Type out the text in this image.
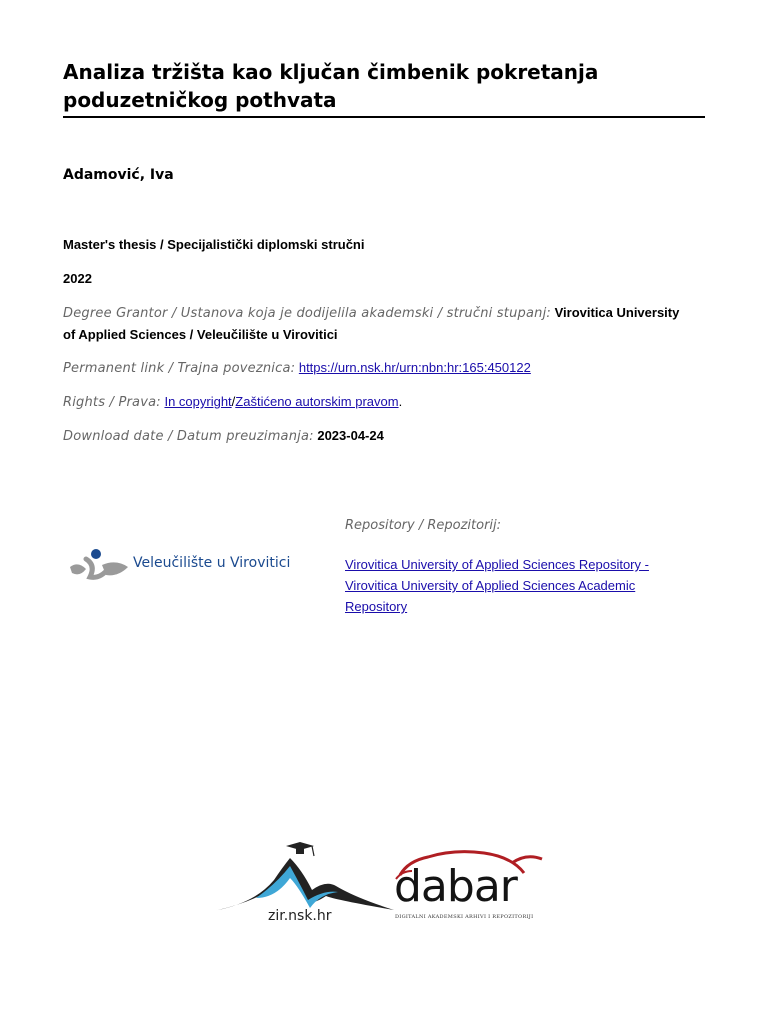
Analiza tržišta kao ključan čimbenik pokretanja poduzetničkog pothvata
Adamović, Iva
Master's thesis / Specijalistički diplomski stručni
2022
Degree Grantor / Ustanova koja je dodijelila akademski / stručni stupanj: Virovitica University of Applied Sciences / Veleučilište u Virovitici
Permanent link / Trajna poveznica: https://urn.nsk.hr/urn:nbn:hr:165:450122
Rights / Prava: In copyright/Zaštićeno autorskim pravom.
Download date / Datum preuzimanja: 2023-04-24
Veleučilište u Virovitici
Repository / Repozitorij:
Virovitica University of Applied Sciences Repository - Virovitica University of Applied Sciences Academic Repository
zir.nsk.hr
dabar
DIGITALNI AKADEMSKI ARHIVI I REPOZITORIJI
